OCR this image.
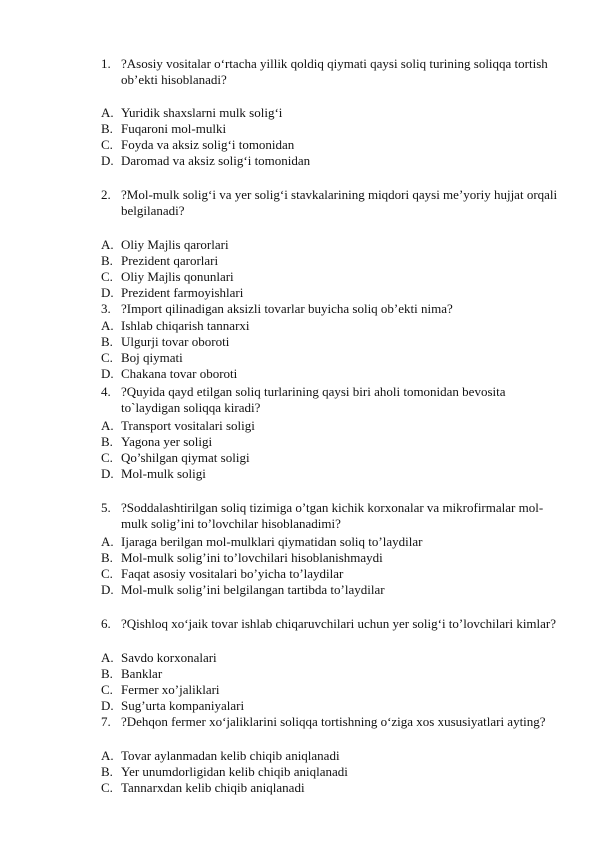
1. ?Asosiy vositalar o‘rtacha yillik qoldiq qiymati qaysi soliq turining soliqqa tortish ob’ekti hisoblanadi?
A. Yuridik shaxslarni mulk solig‘i
B. Fuqaroni mol-mulki
C. Foyda va aksiz solig‘i tomonidan
D. Daromad va aksiz solig‘i tomonidan
2. ?Mol-mulk solig‘i va yer solig‘i stavkalarining miqdori qaysi me’yoriy hujjat orqali belgilanadi?
A. Oliy Majlis qarorlari
B. Prezident qarorlari
C. Oliy Majlis qonunlari
D. Prezident farmoyishlari
3. ?Import qilinadigan aksizli tovarlar buyicha soliq ob’ekti nima?
A. Ishlab chiqarish tannarxi
B. Ulgurji tovar oboroti
C. Boj qiymati
D. Chakana tovar oboroti
4. ?Quyida qayd etilgan soliq turlarining qaysi biri aholi tomonidan bevosita to`laydigan soliqqa kiradi?
A. Transport vositalari soligi
B. Yagona yer soligi
C. Qo’shilgan qiymat soligi
D. Mol-mulk soligi
5. ?Soddalashtirilgan soliq tizimiga o’tgan kichik korxonalar va mikrofirmalar mol-mulk solig’ini to’lovchilar hisoblanadimi?
A. Ijaraga berilgan mol-mulklari qiymatidan soliq to’laydilar
B. Mol-mulk solig’ini to’lovchilari hisoblanishmaydi
C. Faqat asosiy vositalari bo’yicha to’laydilar
D. Mol-mulk solig’ini belgilangan tartibda to’laydilar
6. ?Qishloq xo‘jaik tovar ishlab chiqaruvchilari uchun yer solig‘i to’lovchilari kimlar?
A. Savdo korxonalari
B. Banklar
C. Fermer xo’jaliklari
D. Sug’urta kompaniyalari
7. ?Dehqon fermer xo‘jaliklarini soliqqa tortishning o‘ziga xos xususiyatlari ayting?
A. Tovar aylanmadan kelib chiqib aniqlanadi
B. Yer unumdorligidan kelib chiqib aniqlanadi
C. Tannarxdan kelib chiqib aniqlanadi
